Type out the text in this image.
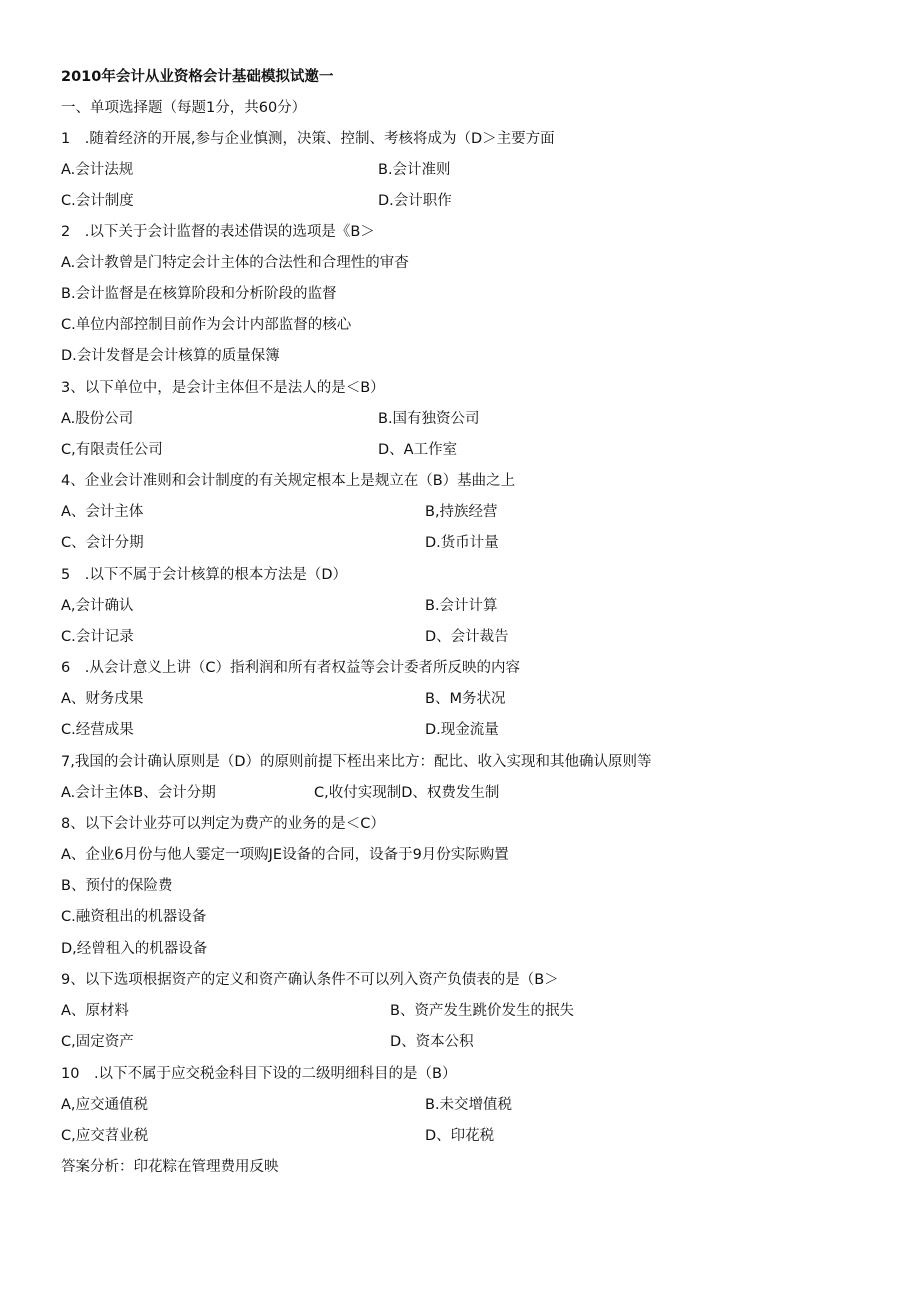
2010年会计从业资格会计基础模拟试邀一
一、单项选择题（每题1分，共60分）
1　.随着经济的开展,参与企业慎测，决策、控制、考核将成为（D＞主要方面
A.会计法规	B.会计准则
C.会计制度	D.会计职作
2　.以下关于会计监督的表述借误的选项是《B＞
A.会计教曾是门特定会计主体的合法性和合理性的审杳
B.会计监督是在核算阶段和分析阶段的监督
C.单位内部控制目前作为会计内部监督的核心
D.会计发督是会计核算的质量保簿
3、以下单位中，是会计主体但不是法人的是＜B）
A.股份公司	B.国有独资公司
C,有限责任公司	D、A工作室
4、企业会计准则和会计制度的有关规定根本上是觌立在（B）基曲之上
A、会计主体	B,持族经营
C、会计分期	D.货币计量
5　.以下不属于会计核算的根本方法是（D）
A,会计确认	B.会计计算
C.会计记录	D、会计裁告
6　.从会计意义上讲（C）指利润和所有者权益等会计委者所反映的内容
A、财务戌果	B、M务状况
C.经营成果	D.现金流量
7,我国的会计确认原则是（D）的原则前提下桎出来比方：配比、收入实现和其他确认原则等
A.会计主体B、会计分期	C,收付实现制D、权费发生制
8、以下会计业芬可以判定为费产的业务的是＜C）
A、企业6月份与他人霎定一项购JE设备的合同，设备于9月份实际购置
B、预付的保险费
C.融资租出的机器设备
D,经曾租入的机器设备
9、以下选项根据资产的定义和资产确认条件不可以列入资产负债表的是（B＞
A、原材料	B、资产发生跳价发生的抿失
C,固定资产	D、资本公积
10　.以下不属于应交税金科目下设的二级明细科目的是（B）
A,应交通值税	B.未交增值税
C,应交苕业税	D、印花税
答案分析：印花粽在管理费用反映
